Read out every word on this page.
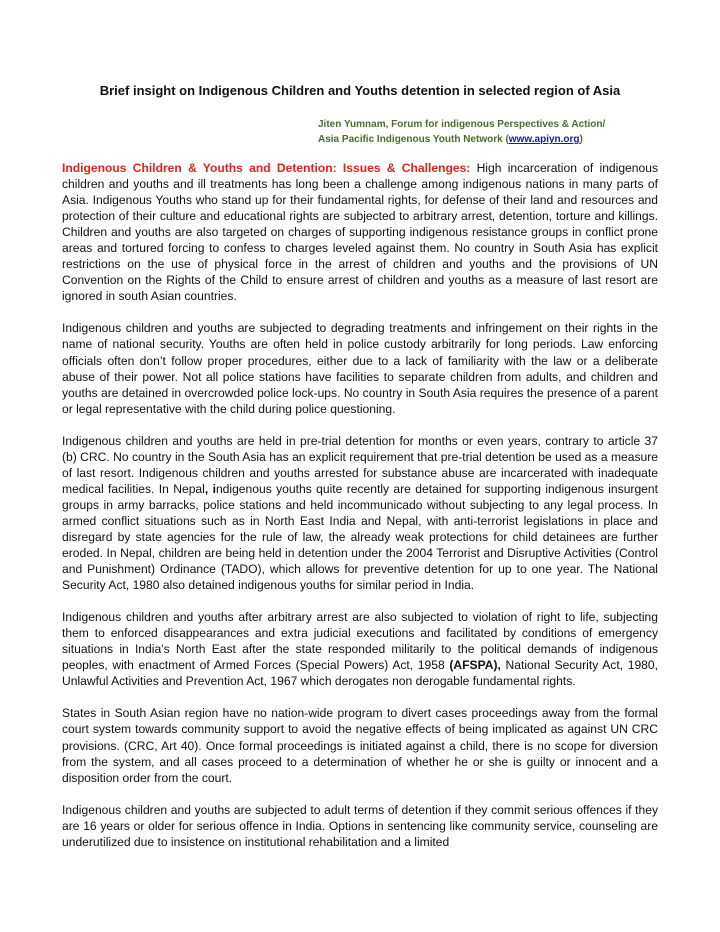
Brief insight on Indigenous Children and Youths detention in selected region of Asia
Jiten Yumnam, Forum for indigenous Perspectives & Action/
Asia Pacific Indigenous Youth Network (www.apiyn.org)

Indigenous Children & Youths and Detention: Issues & Challenges: High incarceration of indigenous children and youths and ill treatments has long been a challenge among indigenous nations in many parts of Asia. Indigenous Youths who stand up for their fundamental rights, for defense of their land and resources and protection of their culture and educational rights are subjected to arbitrary arrest, detention, torture and killings. Children and youths are also targeted on charges of supporting indigenous resistance groups in conflict prone areas and tortured forcing to confess to charges leveled against them. No country in South Asia has explicit restrictions on the use of physical force in the arrest of children and youths and the provisions of UN Convention on the Rights of the Child to ensure arrest of children and youths as a measure of last resort are ignored in south Asian countries.

Indigenous children and youths are subjected to degrading treatments and infringement on their rights in the name of national security. Youths are often held in police custody arbitrarily for long periods. Law enforcing officials often don’t follow proper procedures, either due to a lack of familiarity with the law or a deliberate abuse of their power. Not all police stations have facilities to separate children from adults, and children and youths are detained in overcrowded police lock-ups. No country in South Asia requires the presence of a parent or legal representative with the child during police questioning.

Indigenous children and youths are held in pre-trial detention for months or even years, contrary to article 37 (b) CRC. No country in the South Asia has an explicit requirement that pre-trial detention be used as a measure of last resort. Indigenous children and youths arrested for substance abuse are incarcerated with inadequate medical facilities. In Nepal, indigenous youths quite recently are detained for supporting indigenous insurgent groups in army barracks, police stations and held incommunicado without subjecting to any legal process. In armed conflict situations such as in North East India and Nepal, with anti-terrorist legislations in place and disregard by state agencies for the rule of law, the already weak protections for child detainees are further eroded. In Nepal, children are being held in detention under the 2004 Terrorist and Disruptive Activities (Control and Punishment) Ordinance (TADO), which allows for preventive detention for up to one year. The National Security Act, 1980 also detained indigenous youths for similar period in India.

Indigenous children and youths after arbitrary arrest are also subjected to violation of right to life, subjecting them to enforced disappearances and extra judicial executions and facilitated by conditions of emergency situations in India’s North East after the state responded militarily to the political demands of indigenous peoples, with enactment of Armed Forces (Special Powers) Act, 1958 (AFSPA), National Security Act, 1980, Unlawful Activities and Prevention Act, 1967 which derogates non derogable fundamental rights.

States in South Asian region have no nation-wide program to divert cases proceedings away from the formal court system towards community support to avoid the negative effects of being implicated as against UN CRC provisions. (CRC, Art 40). Once formal proceedings is initiated against a child, there is no scope for diversion from the system, and all cases proceed to a determination of whether he or she is guilty or innocent and a disposition order from the court.

Indigenous children and youths are subjected to adult terms of detention if they commit serious offences if they are 16 years or older for serious offence in India. Options in sentencing like community service, counseling are underutilized due to insistence on institutional rehabilitation and a limited
